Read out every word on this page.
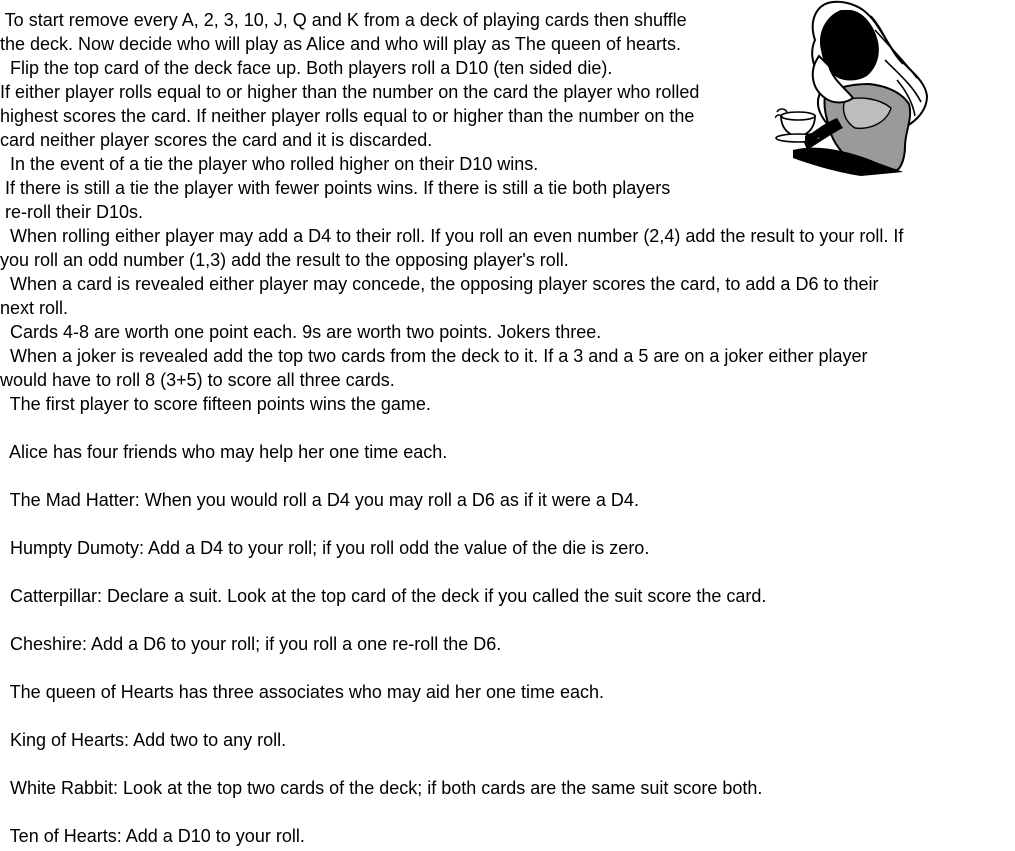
To start remove every A, 2, 3, 10, J, Q and K from a deck of playing cards then shuffle
the deck. Now decide who will play as Alice and who will play as The queen of hearts.
Flip the top card of the deck face up. Both players roll a D10 (ten sided die).
If either player rolls equal to or higher than the number on the card the player who rolled
highest scores the card. If neither player rolls equal to or higher than the number on the
card neither player scores the card and it is discarded.
In the event of a tie the player who rolled higher on their D10 wins.
If there is still a tie the player with fewer points wins. If there is still a tie both players
re-roll their D10s.
When rolling either player may add a D4 to their roll. If you roll an even number (2,4) add the result to your roll. If
you roll an odd number (1,3) add the result to the opposing player's roll.
When a card is revealed either player may concede, the opposing player scores the card, to add a D6 to their
next roll.
Cards 4-8 are worth one point each. 9s are worth two points. Jokers three.
When a joker is revealed add the top two cards from the deck to it. If a 3 and a 5 are on a joker either player
would have to roll 8 (3+5) to score all three cards.
The first player to score fifteen points wins the game.
Alice has four friends who may help her one time each.
The Mad Hatter: When you would roll a D4 you may roll a D6 as if it were a D4.
Humpty Dumoty: Add a D4 to your roll; if you roll odd the value of the die is zero.
Catterpillar: Declare a suit. Look at the top card of the deck if you called the suit score the card.
Cheshire: Add a D6 to your roll; if you roll a one re-roll the D6.
The queen of Hearts has three associates who may aid her one time each.
King of Hearts: Add two to any roll.
White Rabbit: Look at the top two cards of the deck; if both cards are the same suit score both.
Ten of Hearts: Add a D10 to your roll.
